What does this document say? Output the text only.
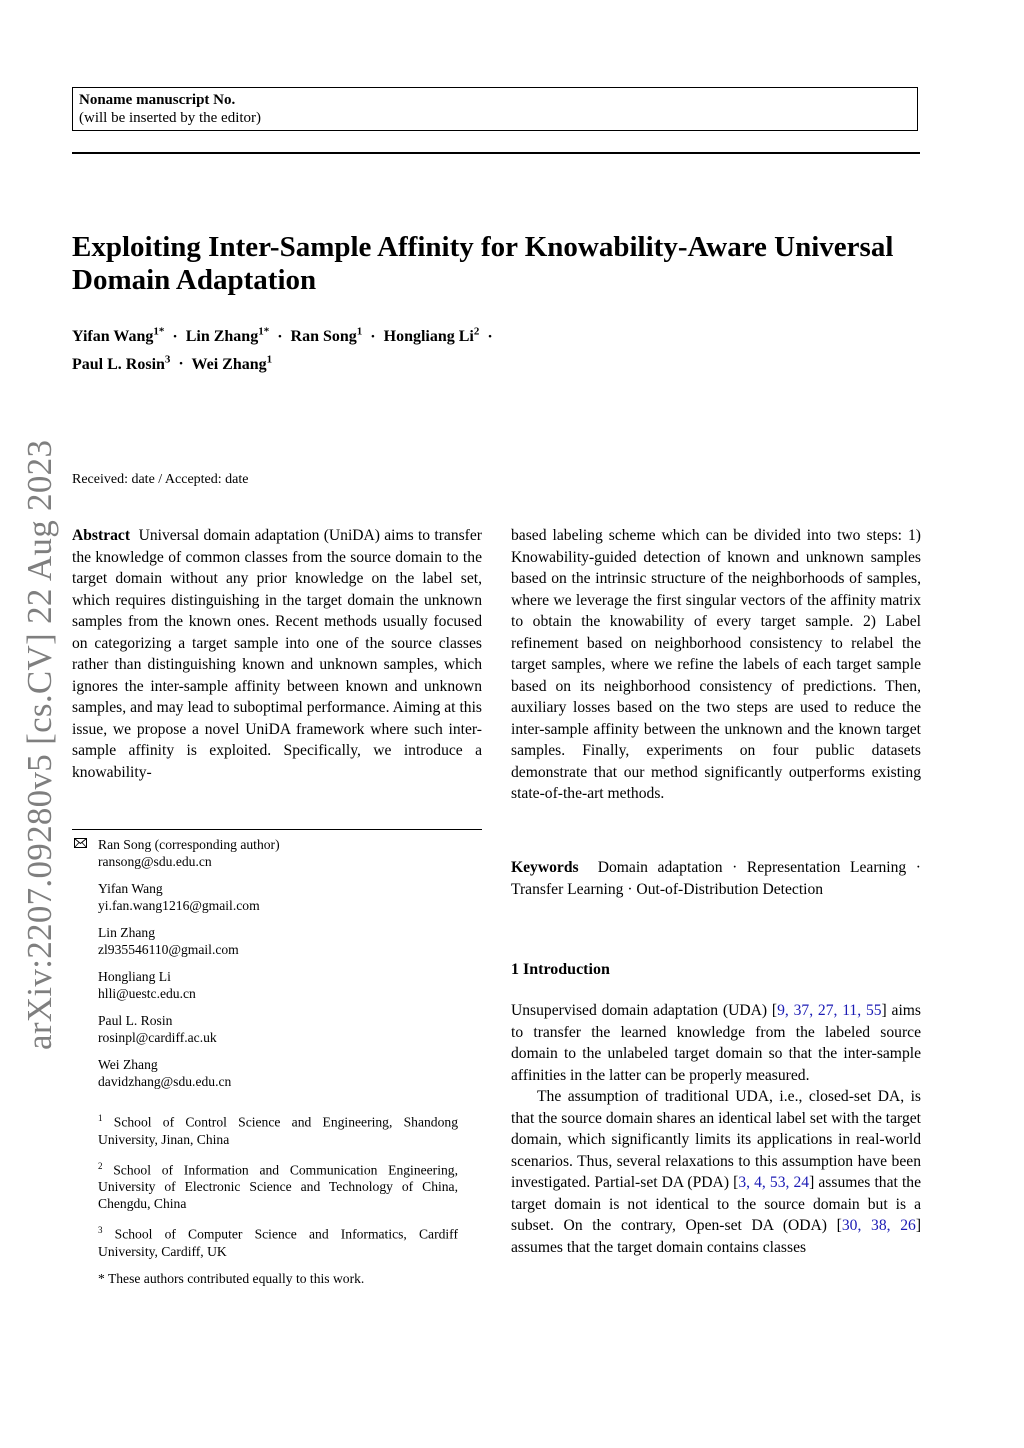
Noname manuscript No.
(will be inserted by the editor)
Exploiting Inter-Sample Affinity for Knowability-Aware Universal Domain Adaptation
Yifan Wang$^{1*}$ · Lin Zhang$^{1*}$ · Ran Song$^1$ · Hongliang $Li^2$ ·
Paul L. Rosin$^3$ · Wei Zhang$^1$
arXiv:2207.09280v5 [cs.CV] 22 Aug 2023 Received: date / Accepted: date

Abstract Universal domain adaptation (UniDA) aims to transfer the knowledge of common classes from the source domain to the target domain without any prior knowledge on the label set, which requires distinguishing in the target domain the unknown samples from the known ones. Recent methods usually focused on categorizing a target sample into one of the source classes rather than distinguishing known and unknown samples, which ignores the inter-sample affinity between known and unknown samples, and may lead to suboptimal performance. Aiming at this issue, we propose a novel UniDA framework where such inter-sample affinity is exploited. Specifically, we introduce a knowability-

based labeling scheme which can be divided into two steps: 1) Knowability-guided detection of known and unknown samples based on the intrinsic structure of the neighborhoods of samples, where we leverage the first singular vectors of the affinity matrix to obtain the knowability of every target sample. 2) Label refinement based on neighborhood consistency to relabel the target samples, where we refine the labels of each target sample based on its neighborhood consistency of predictions. Then, auxiliary losses based on the two steps are used to reduce the inter-sample affinity between the unknown and the known target samples. Finally, experiments on four public datasets demonstrate that our method significantly outperforms existing state-of-the-art methods.

Keywords Domain adaptation · Representation Learning · Transfer Learning · Out-of-Distribution Detection

Ran Song (corresponding author)
ransong@sdu.edu.cn
Yifan Wang
yi.fan.wang1216@gmail.com
Lin Zhang
zl935546110@gmail.com
Hongliang Li
hlli@uestc.edu.cn
Paul L. Rosin
rosinpl@cardiff.ac.uk
Wei Zhang
davidzhang@sdu.edu.cn
$^1$ School of Control Science and Engineering, Shandong University, Jinan, China
$^2$ School of Information and Communication Engineering, University of Electronic Science and Technology of China, Chengdu, China
$^3$ School of Computer Science and Informatics, Cardiff University, Cardiff, UK
* These authors contributed equally to this work.
1 Introduction

Unsupervised domain adaptation (UDA) [9, 37, 27, 11, 55] aims to transfer the learned knowledge from the labeled source domain to the unlabeled target domain so that the inter-sample affinities in the latter can be properly measured.

The assumption of traditional UDA, i.e., closed-set DA, is that the source domain shares an identical label set with the target domain, which significantly limits its applications in real-world scenarios. Thus, several relaxations to this assumption have been investigated. Partial-set DA (PDA) [3, 4, 53, 24] assumes that the target domain is not identical to the source domain but is a subset. On the contrary, Open-set DA (ODA) [30, 38, 26] assumes that the target domain contains classes
